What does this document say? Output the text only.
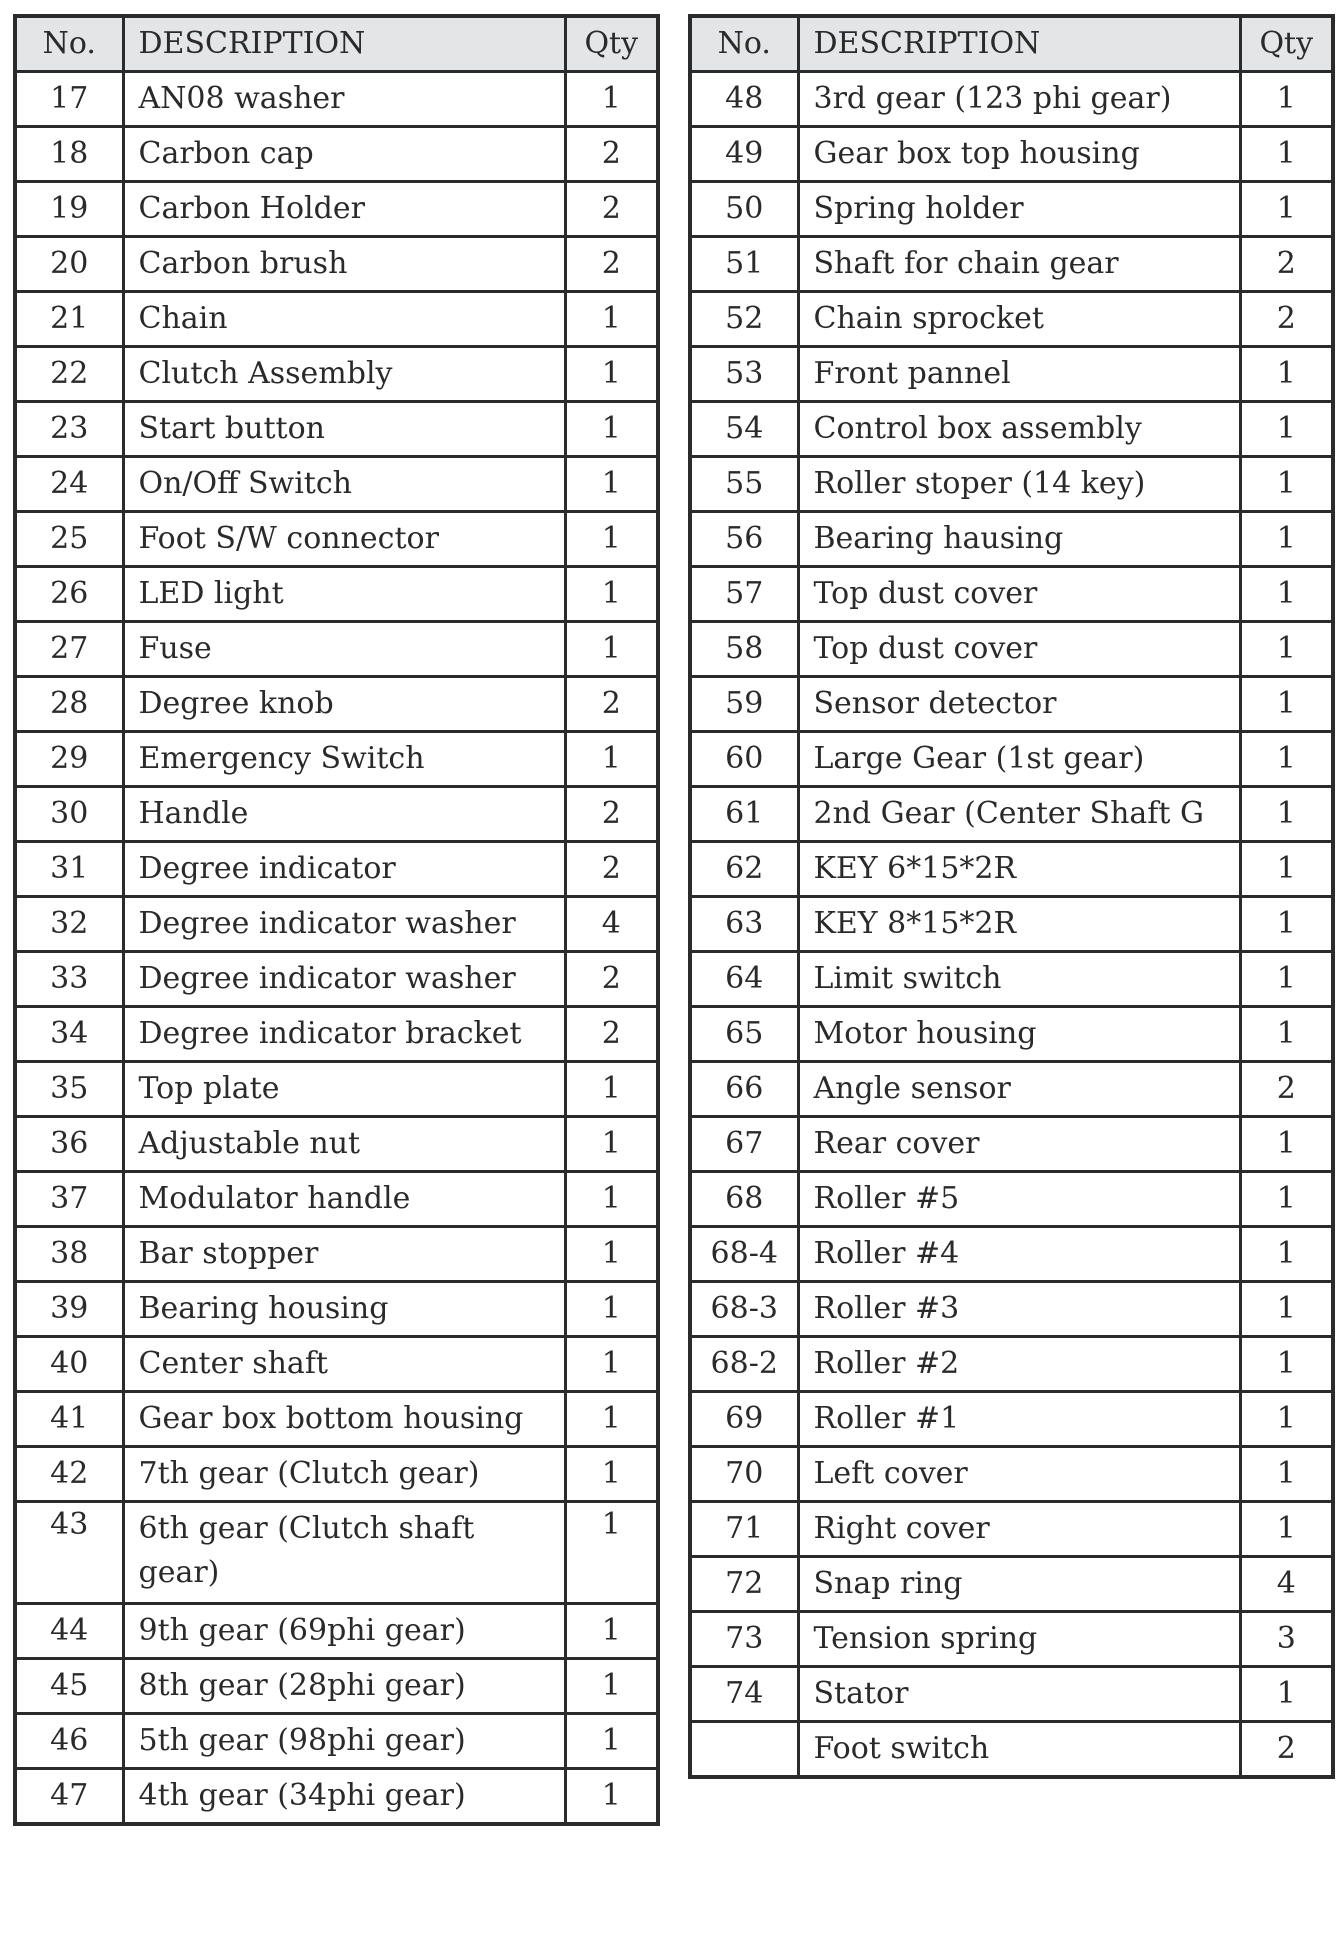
No.	DESCRIPTION	Qty
17	AN08 washer	1
18	Carbon cap	2
19	Carbon Holder	2
20	Carbon brush	2
21	Chain	1
22	Clutch Assembly	1
23	Start button	1
24	On/Off Switch	1
25	Foot S/W connector	1
26	LED light	1
27	Fuse	1
28	Degree knob	2
29	Emergency Switch	1
30	Handle	2
31	Degree indicator	2
32	Degree indicator washer	4
33	Degree indicator washer	2
34	Degree indicator bracket	2
35	Top plate	1
36	Adjustable nut	1
37	Modulator handle	1
38	Bar stopper	1
39	Bearing housing	1
40	Center shaft	1
41	Gear box bottom housing	1
42	7th gear (Clutch gear)	1
43	6th gear (Clutch shaft gear)	1
44	9th gear (69phi gear)	1
45	8th gear (28phi gear)	1
46	5th gear (98phi gear)	1
47	4th gear (34phi gear)	1
No.	DESCRIPTION	Qty
48	3rd gear (123 phi gear)	1
49	Gear box top housing	1
50	Spring holder	1
51	Shaft for chain gear	2
52	Chain sprocket	2
53	Front pannel	1
54	Control box assembly	1
55	Roller stoper (14 key)	1
56	Bearing hausing	1
57	Top dust cover	1
58	Top dust cover	1
59	Sensor detector	1
60	Large Gear (1st gear)	1
61	2nd Gear (Center Shaft G	1
62	KEY 6*15*2R	1
63	KEY 8*15*2R	1
64	Limit switch	1
65	Motor housing	1
66	Angle sensor	2
67	Rear cover	1
68	Roller #5	1
68-4	Roller #4	1
68-3	Roller #3	1
68-2	Roller #2	1
69	Roller #1	1
70	Left cover	1
71	Right cover	1
72	Snap ring	4
73	Tension spring	3
74	Stator	1
	Foot switch	2
